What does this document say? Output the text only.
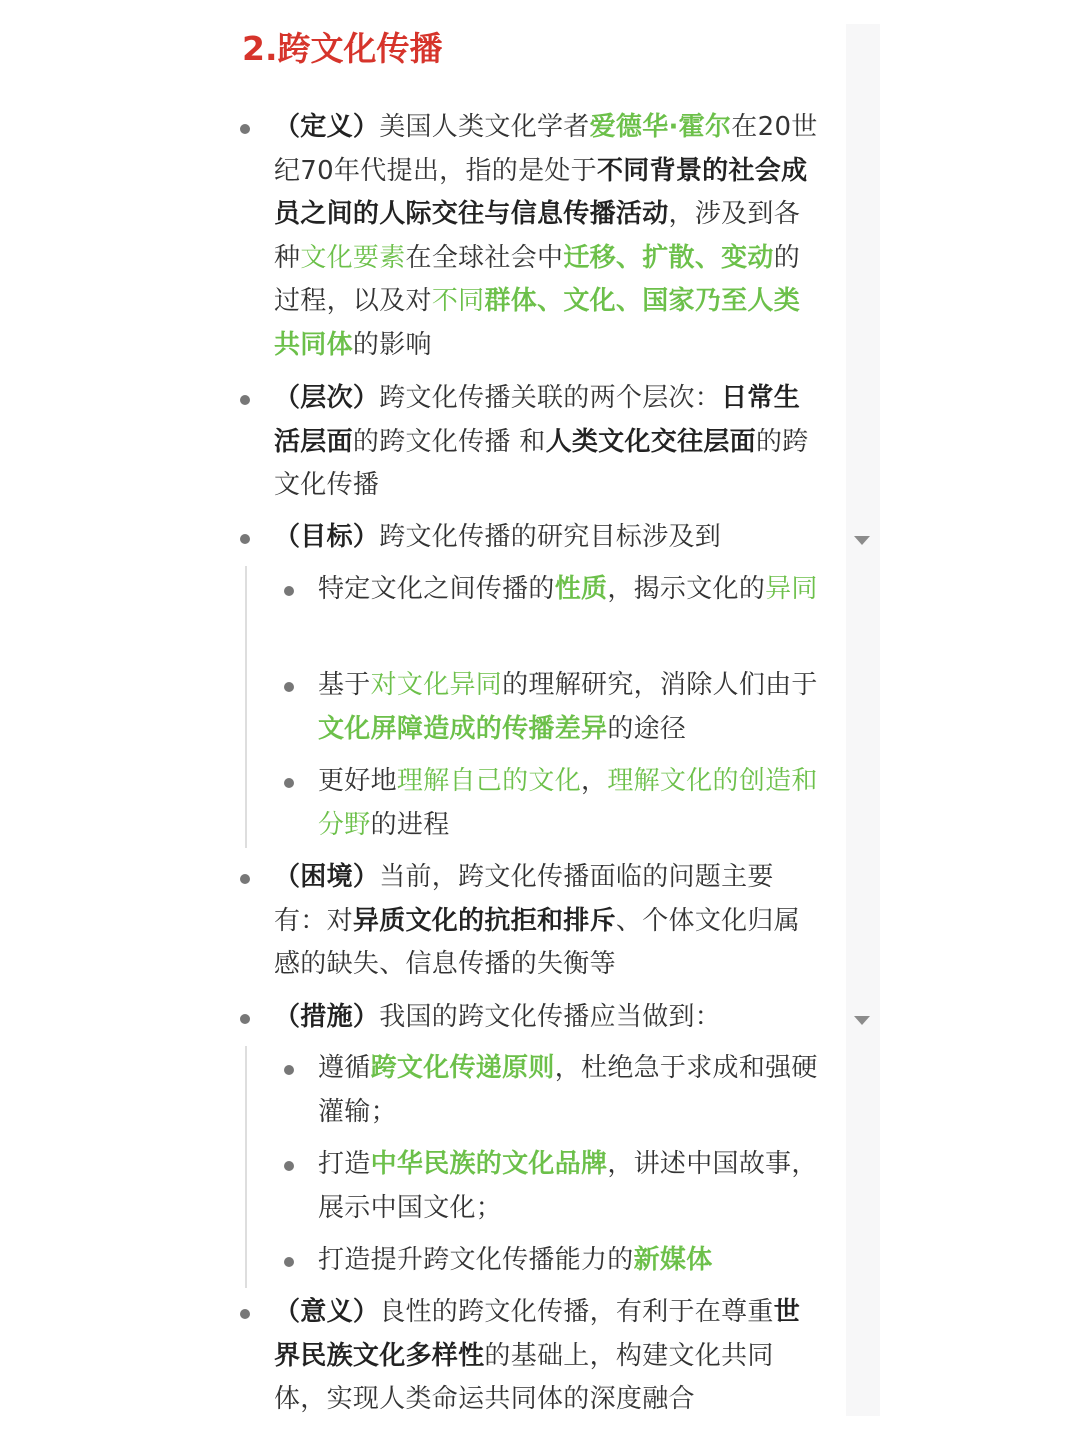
2.跨文化传播
（定义）美国人类文化学者爱德华·霍尔在20世纪70年代提出，指的是处于不同背景的社会成员之间的人际交往与信息传播活动，涉及到各种文化要素在全球社会中迁移、扩散、变动的过程，以及对不同群体、文化、国家乃至人类共同体的影响
（层次）跨文化传播关联的两个层次：日常生活层面的跨文化传播 和人类文化交往层面的跨文化传播
（目标）跨文化传播的研究目标涉及到
特定文化之间传播的性质，揭示文化的异同
基于对文化异同的理解研究，消除人们由于文化屏障造成的传播差异的途径
更好地理解自己的文化，理解文化的创造和分野的进程
（困境）当前，跨文化传播面临的问题主要有：对异质文化的抗拒和排斥、个体文化归属感的缺失、信息传播的失衡等
（措施）我国的跨文化传播应当做到：
遵循跨文化传递原则，杜绝急于求成和强硬灌输；
打造中华民族的文化品牌，讲述中国故事，展示中国文化；
打造提升跨文化传播能力的新媒体
（意义）良性的跨文化传播，有利于在尊重世界民族文化多样性的基础上，构建文化共同体，实现人类命运共同体的深度融合
